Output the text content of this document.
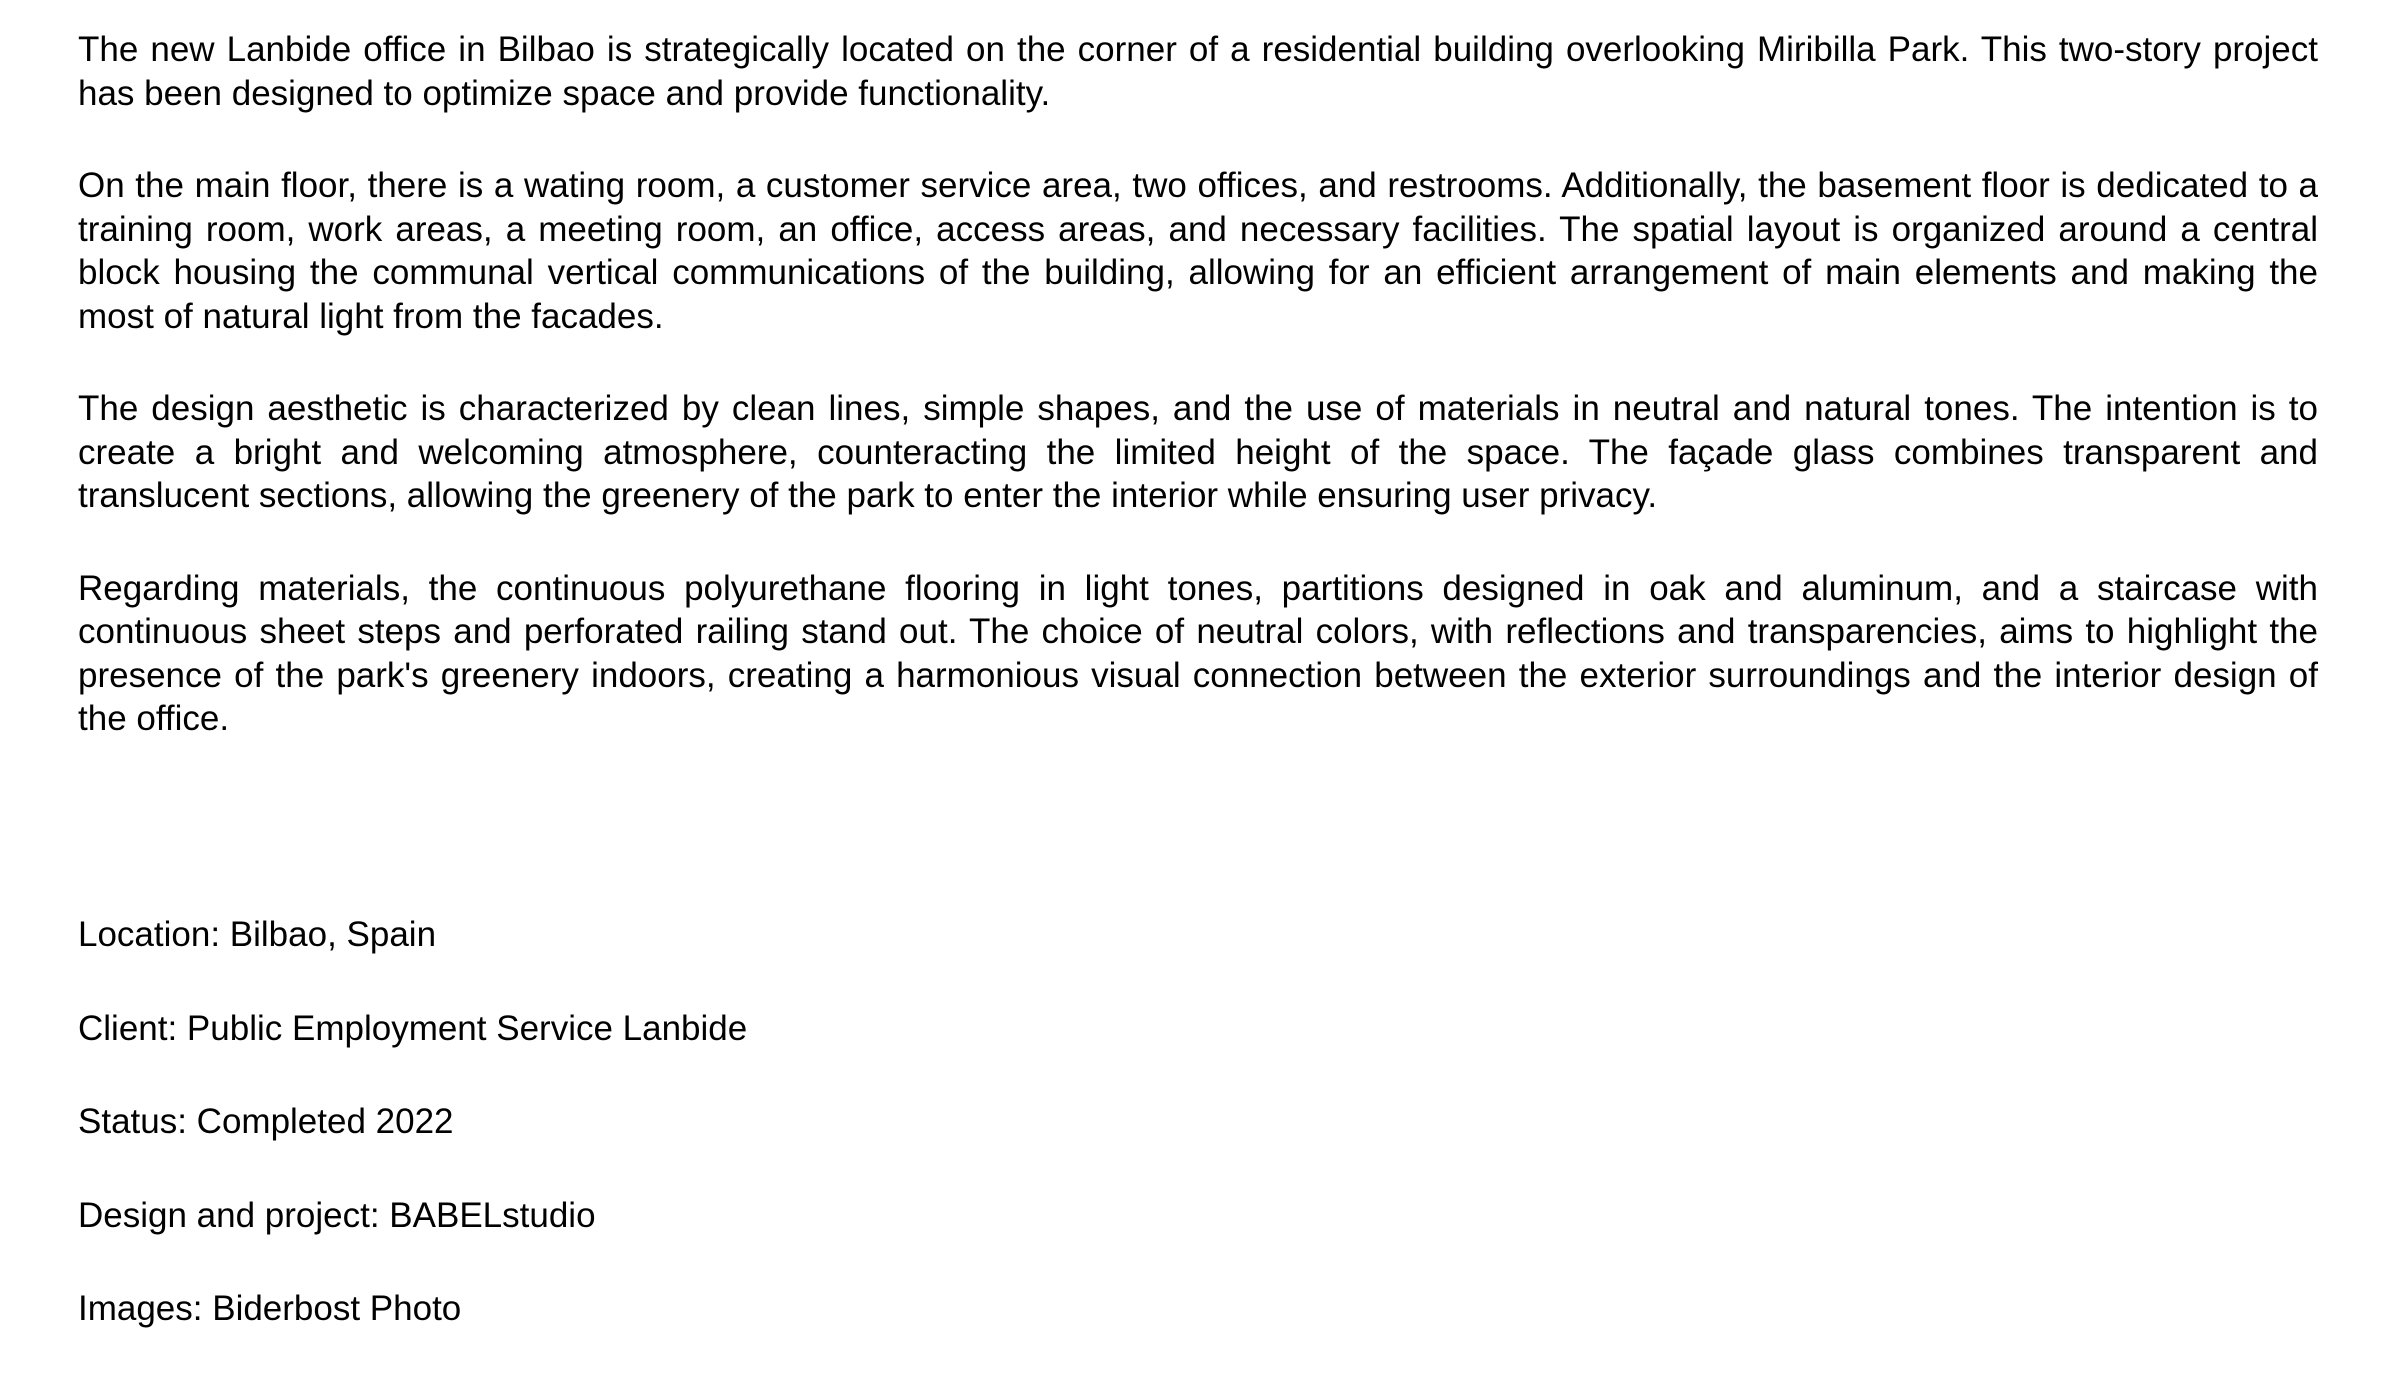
The new Lanbide office in Bilbao is strategically located on the corner of a residential building overlooking Miribilla Park. This two-story project has been designed to optimize space and provide functionality.

On the main floor, there is a wating room, a customer service area, two offices, and restrooms. Additionally, the basement floor is dedicated to a training room, work areas, a meeting room, an office, access areas, and necessary facilities. The spatial layout is organized around a central block housing the communal vertical communications of the building, allowing for an efficient arrangement of main elements and making the most of natural light from the facades.

The design aesthetic is characterized by clean lines, simple shapes, and the use of materials in neutral and natural tones. The intention is to create a bright and welcoming atmosphere, counteracting the limited height of the space. The façade glass combines transparent and translucent sections, allowing the greenery of the park to enter the interior while ensuring user privacy.

Regarding materials, the continuous polyurethane flooring in light tones, partitions designed in oak and aluminum, and a staircase with continuous sheet steps and perforated railing stand out. The choice of neutral colors, with reflections and transparencies, aims to highlight the presence of the park's greenery indoors, creating a harmonious visual connection between the exterior surroundings and the interior design of the office.

Location: Bilbao, Spain
Client: Public Employment Service Lanbide
Status: Completed 2022
Design and project: BABELstudio
Images: Biderbost Photo
